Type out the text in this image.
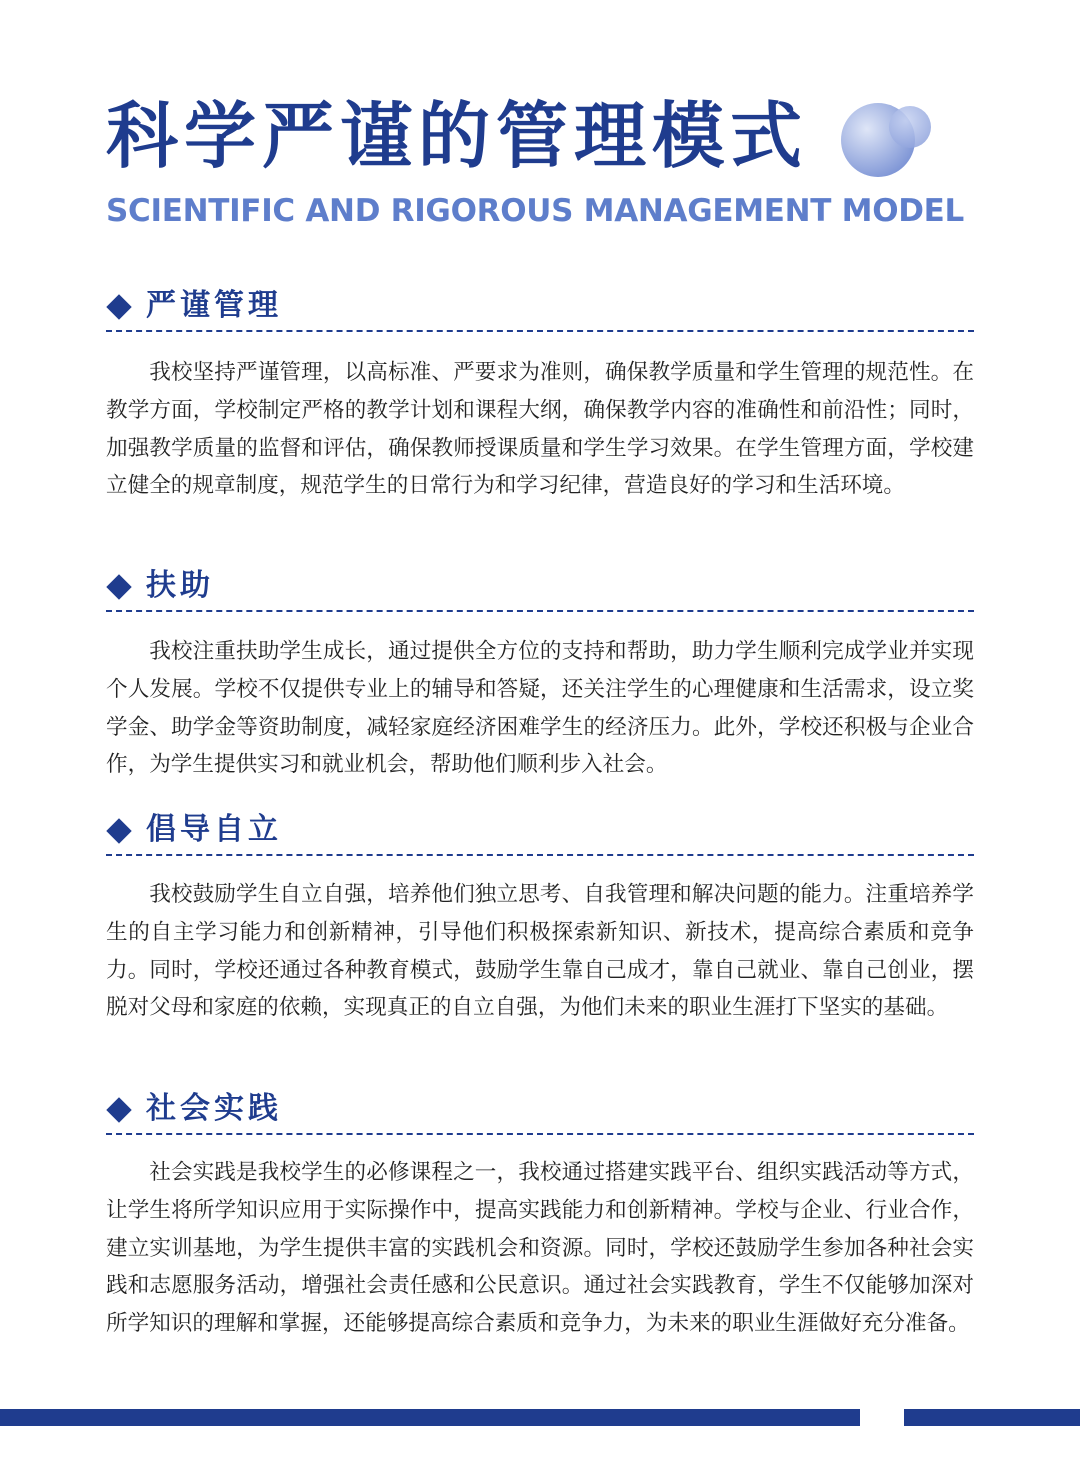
科学严谨的管理模式
SCIENTIFIC AND RIGOROUS MANAGEMENT MODEL
严谨管理

我校坚持严谨管理，以高标准、严要求为准则，确保教学质量和学生管理的规范性。在教学方面，学校制定严格的教学计划和课程大纲，确保教学内容的准确性和前沿性；同时，加强教学质量的监督和评估，确保教师授课质量和学生学习效果。在学生管理方面，学校建立健全的规章制度，规范学生的日常行为和学习纪律，营造良好的学习和生活环境。

扶助

我校注重扶助学生成长，通过提供全方位的支持和帮助，助力学生顺利完成学业并实现个人发展。学校不仅提供专业上的辅导和答疑，还关注学生的心理健康和生活需求，设立奖学金、助学金等资助制度，减轻家庭经济困难学生的经济压力。此外，学校还积极与企业合作，为学生提供实习和就业机会，帮助他们顺利步入社会。

倡导自立

我校鼓励学生自立自强，培养他们独立思考、自我管理和解决问题的能力。注重培养学生的自主学习能力和创新精神，引导他们积极探索新知识、新技术，提高综合素质和竞争力。同时，学校还通过各种教育模式，鼓励学生靠自己成才，靠自己就业、靠自己创业，摆脱对父母和家庭的依赖，实现真正的自立自强，为他们未来的职业生涯打下坚实的基础。

社会实践

社会实践是我校学生的必修课程之一，我校通过搭建实践平台、组织实践活动等方式，让学生将所学知识应用于实际操作中，提高实践能力和创新精神。学校与企业、行业合作，建立实训基地，为学生提供丰富的实践机会和资源。同时，学校还鼓励学生参加各种社会实践和志愿服务活动，增强社会责任感和公民意识。通过社会实践教育，学生不仅能够加深对所学知识的理解和掌握，还能够提高综合素质和竞争力，为未来的职业生涯做好充分准备。
